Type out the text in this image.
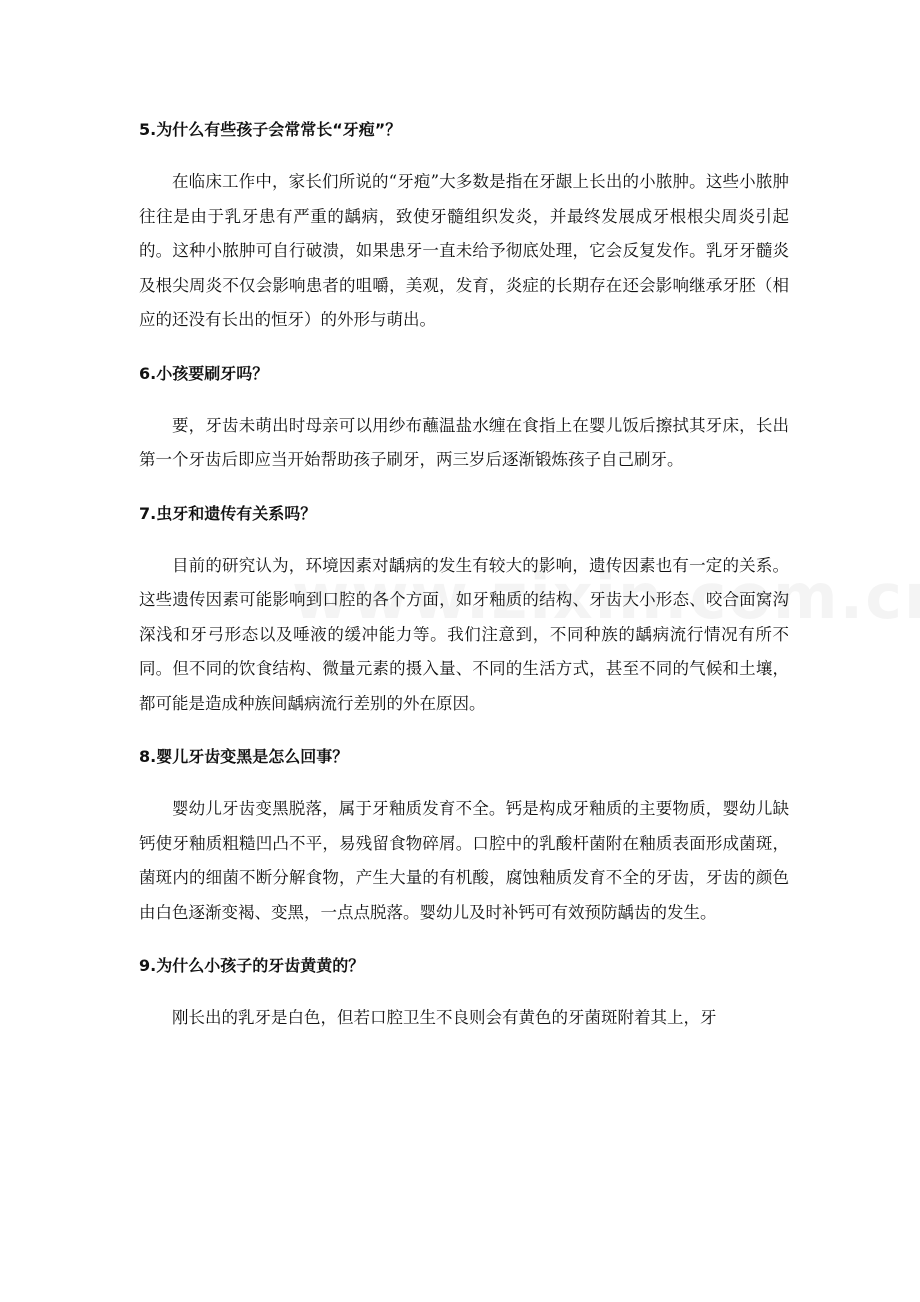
5.为什么有些孩子会常常长“牙疱”？

在临床工作中，家长们所说的“牙疱”大多数是指在牙龈上长出的小脓肿。这些小脓肿往往是由于乳牙患有严重的龋病，致使牙髓组织发炎，并最终发展成牙根根尖周炎引起的。这种小脓肿可自行破溃，如果患牙一直未给予彻底处理，它会反复发作。乳牙牙髓炎及根尖周炎不仅会影响患者的咀嚼，美观，发育，炎症的长期存在还会影响继承牙胚（相应的还没有长出的恒牙）的外形与萌出。

6.小孩要刷牙吗？

要，牙齿未萌出时母亲可以用纱布蘸温盐水缠在食指上在婴儿饭后擦拭其牙床，长出第一个牙齿后即应当开始帮助孩子刷牙，两三岁后逐渐锻炼孩子自己刷牙。

7.虫牙和遗传有关系吗？

目前的研究认为，环境因素对龋病的发生有较大的影响，遗传因素也有一定的关系。这些遗传因素可能影响到口腔的各个方面，如牙釉质的结构、牙齿大小形态、咬合面窝沟深浅和牙弓形态以及唾液的缓冲能力等。我们注意到，不同种族的龋病流行情况有所不同。但不同的饮食结构、微量元素的摄入量、不同的生活方式，甚至不同的气候和土壤，都可能是造成种族间龋病流行差别的外在原因。

8.婴儿牙齿变黑是怎么回事？

婴幼儿牙齿变黑脱落，属于牙釉质发育不全。钙是构成牙釉质的主要物质，婴幼儿缺钙使牙釉质粗糙凹凸不平，易残留食物碎屑。口腔中的乳酸杆菌附在釉质表面形成菌斑，菌斑内的细菌不断分解食物，产生大量的有机酸，腐蚀釉质发育不全的牙齿，牙齿的颜色由白色逐渐变褐、变黑，一点点脱落。婴幼儿及时补钙可有效预防龋齿的发生。

9.为什么小孩子的牙齿黄黄的？

刚长出的乳牙是白色，但若口腔卫生不良则会有黄色的牙菌斑附着其上，牙
